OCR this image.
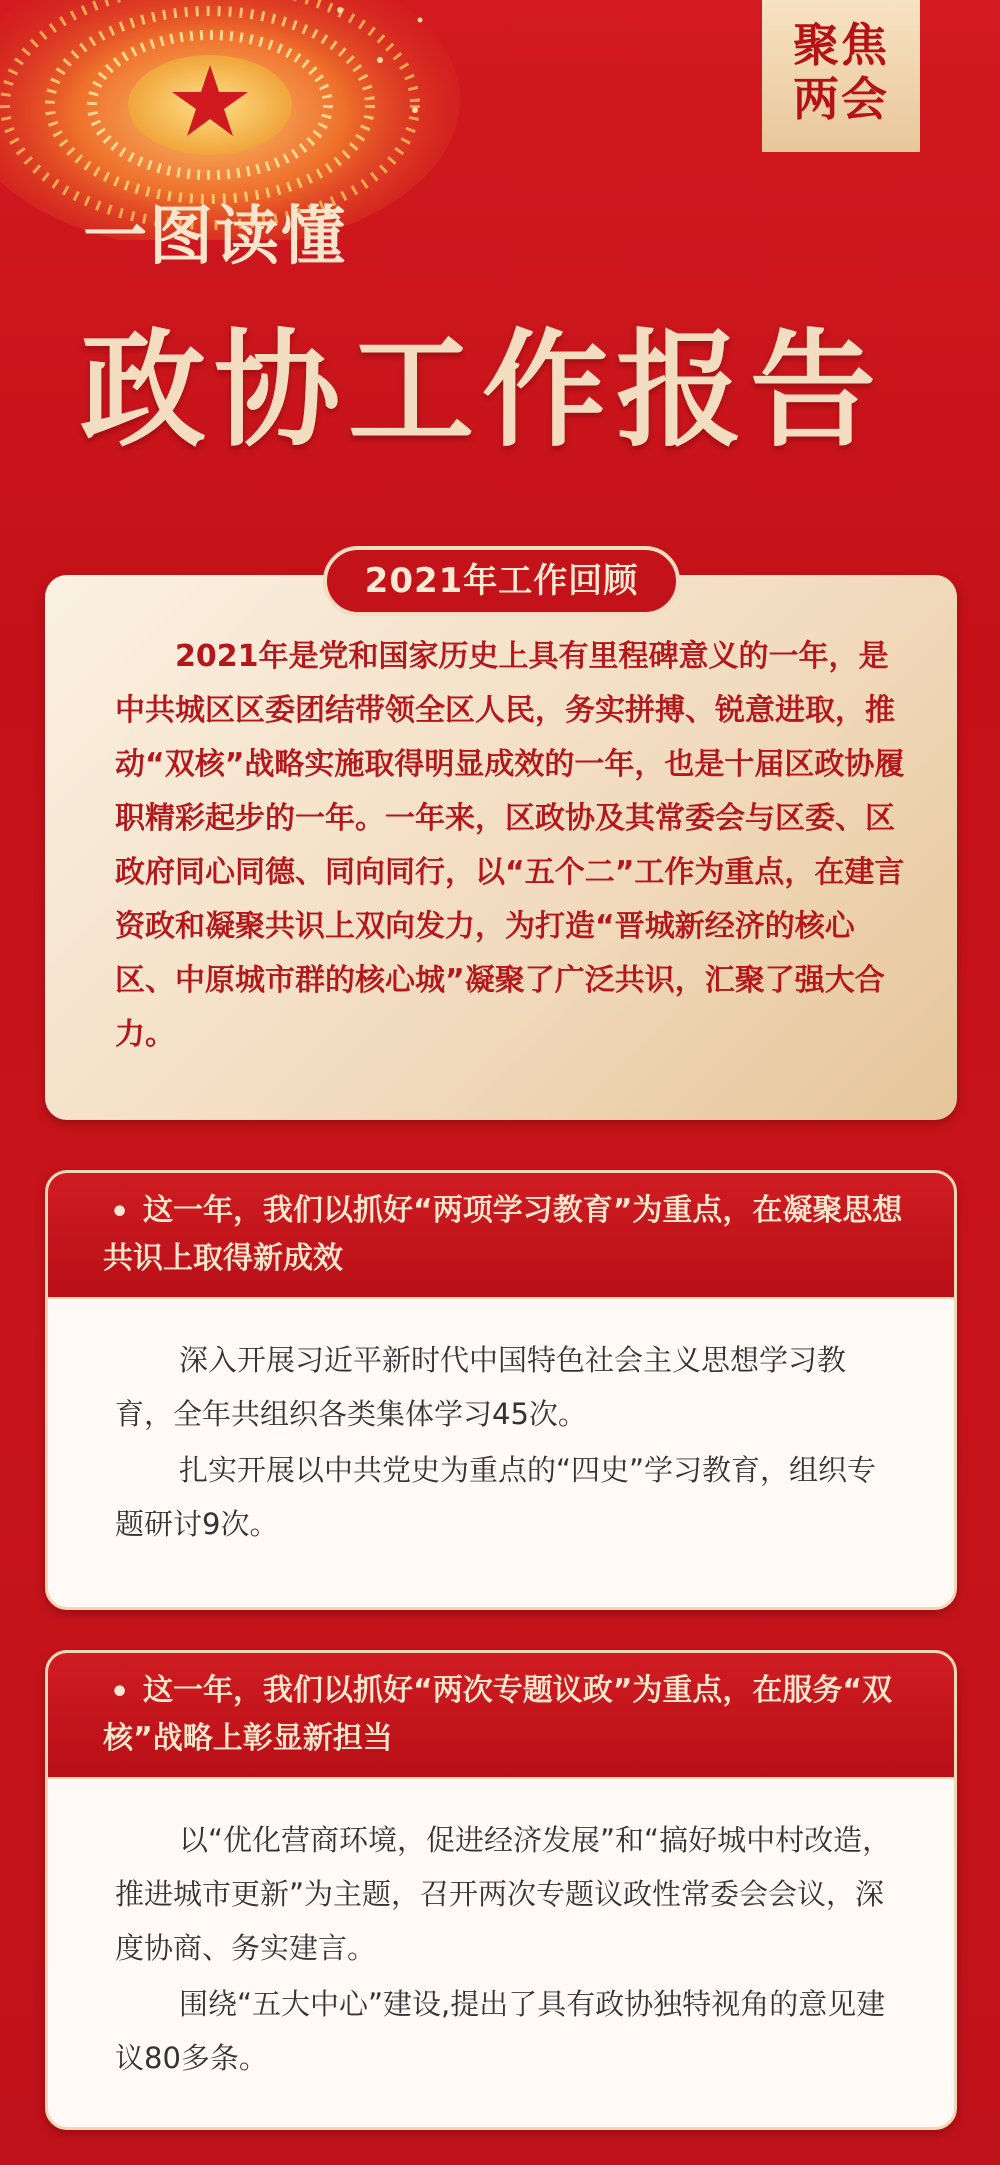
聚焦
两会
一图读懂
政协工作报告
2021年工作回顾

2021年是党和国家历史上具有里程碑意义的一年，是中共城区区委团结带领全区人民，务实拼搏、锐意进取，推动“双核”战略实施取得明显成效的一年，也是十届区政协履职精彩起步的一年。一年来，区政协及其常委会与区委、区政府同心同德、同向同行，以“五个二”工作为重点，在建言资政和凝聚共识上双向发力，为打造“晋城新经济的核心区、中原城市群的核心城”凝聚了广泛共识，汇聚了强大合力。

• 这一年，我们以抓好“两项学习教育”为重点，在凝聚思想共识上取得新成效

深入开展习近平新时代中国特色社会主义思想学习教育，全年共组织各类集体学习45次。

扎实开展以中共党史为重点的“四史”学习教育，组织专题研讨9次。

• 这一年，我们以抓好“两次专题议政”为重点，在服务“双核”战略上彰显新担当

以“优化营商环境，促进经济发展”和“搞好城中村改造，推进城市更新”为主题，召开两次专题议政性常委会会议，深度协商、务实建言。

围绕“五大中心”建设,提出了具有政协独特视角的意见建议80多条。
